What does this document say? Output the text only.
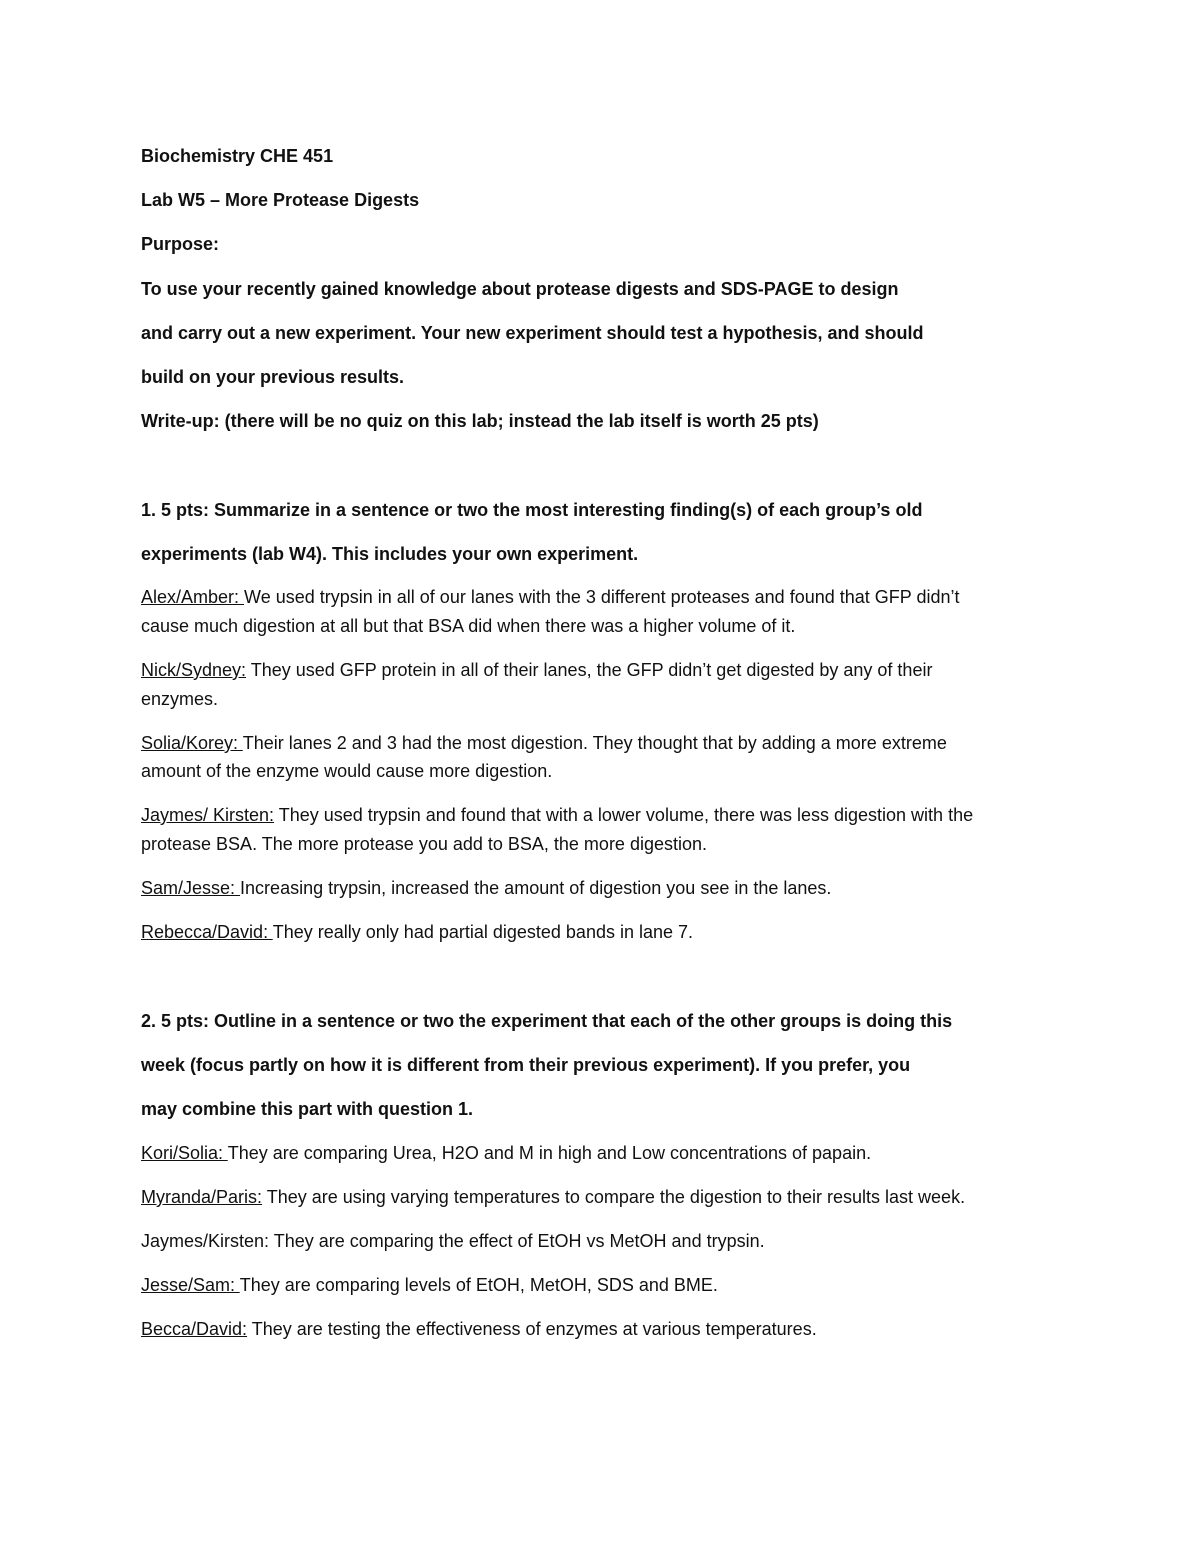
Biochemistry CHE 451
Lab W5 – More Protease Digests
Purpose:
To use your recently gained knowledge about protease digests and SDS-PAGE to design
and carry out a new experiment. Your new experiment should test a hypothesis, and should
build on your previous results.
Write-up: (there will be no quiz on this lab; instead the lab itself is worth 25 pts)
1. 5 pts: Summarize in a sentence or two the most interesting finding(s) of each group’s old
experiments (lab W4). This includes your own experiment.
Alex/Amber: We used trypsin in all of our lanes with the 3 different proteases and found that GFP didn’t
cause much digestion at all but that BSA did when there was a higher volume of it.
Nick/Sydney: They used GFP protein in all of their lanes, the GFP didn’t get digested by any of their
enzymes.
Solia/Korey: Their lanes 2 and 3 had the most digestion. They thought that by adding a more extreme
amount of the enzyme would cause more digestion.
Jaymes/ Kirsten: They used trypsin and found that with a lower volume, there was less digestion with the
protease BSA. The more protease you add to BSA, the more digestion.
Sam/Jesse: Increasing trypsin, increased the amount of digestion you see in the lanes.
Rebecca/David: They really only had partial digested bands in lane 7.
2. 5 pts: Outline in a sentence or two the experiment that each of the other groups is doing this
week (focus partly on how it is different from their previous experiment). If you prefer, you
may combine this part with question 1.
Kori/Solia: They are comparing Urea, H2O and M in high and Low concentrations of papain.
Myranda/Paris: They are using varying temperatures to compare the digestion to their results last week.
Jaymes/Kirsten: They are comparing the effect of EtOH vs MetOH and trypsin.
Jesse/Sam: They are comparing levels of EtOH, MetOH, SDS and BME.
Becca/David: They are testing the effectiveness of enzymes at various temperatures.
